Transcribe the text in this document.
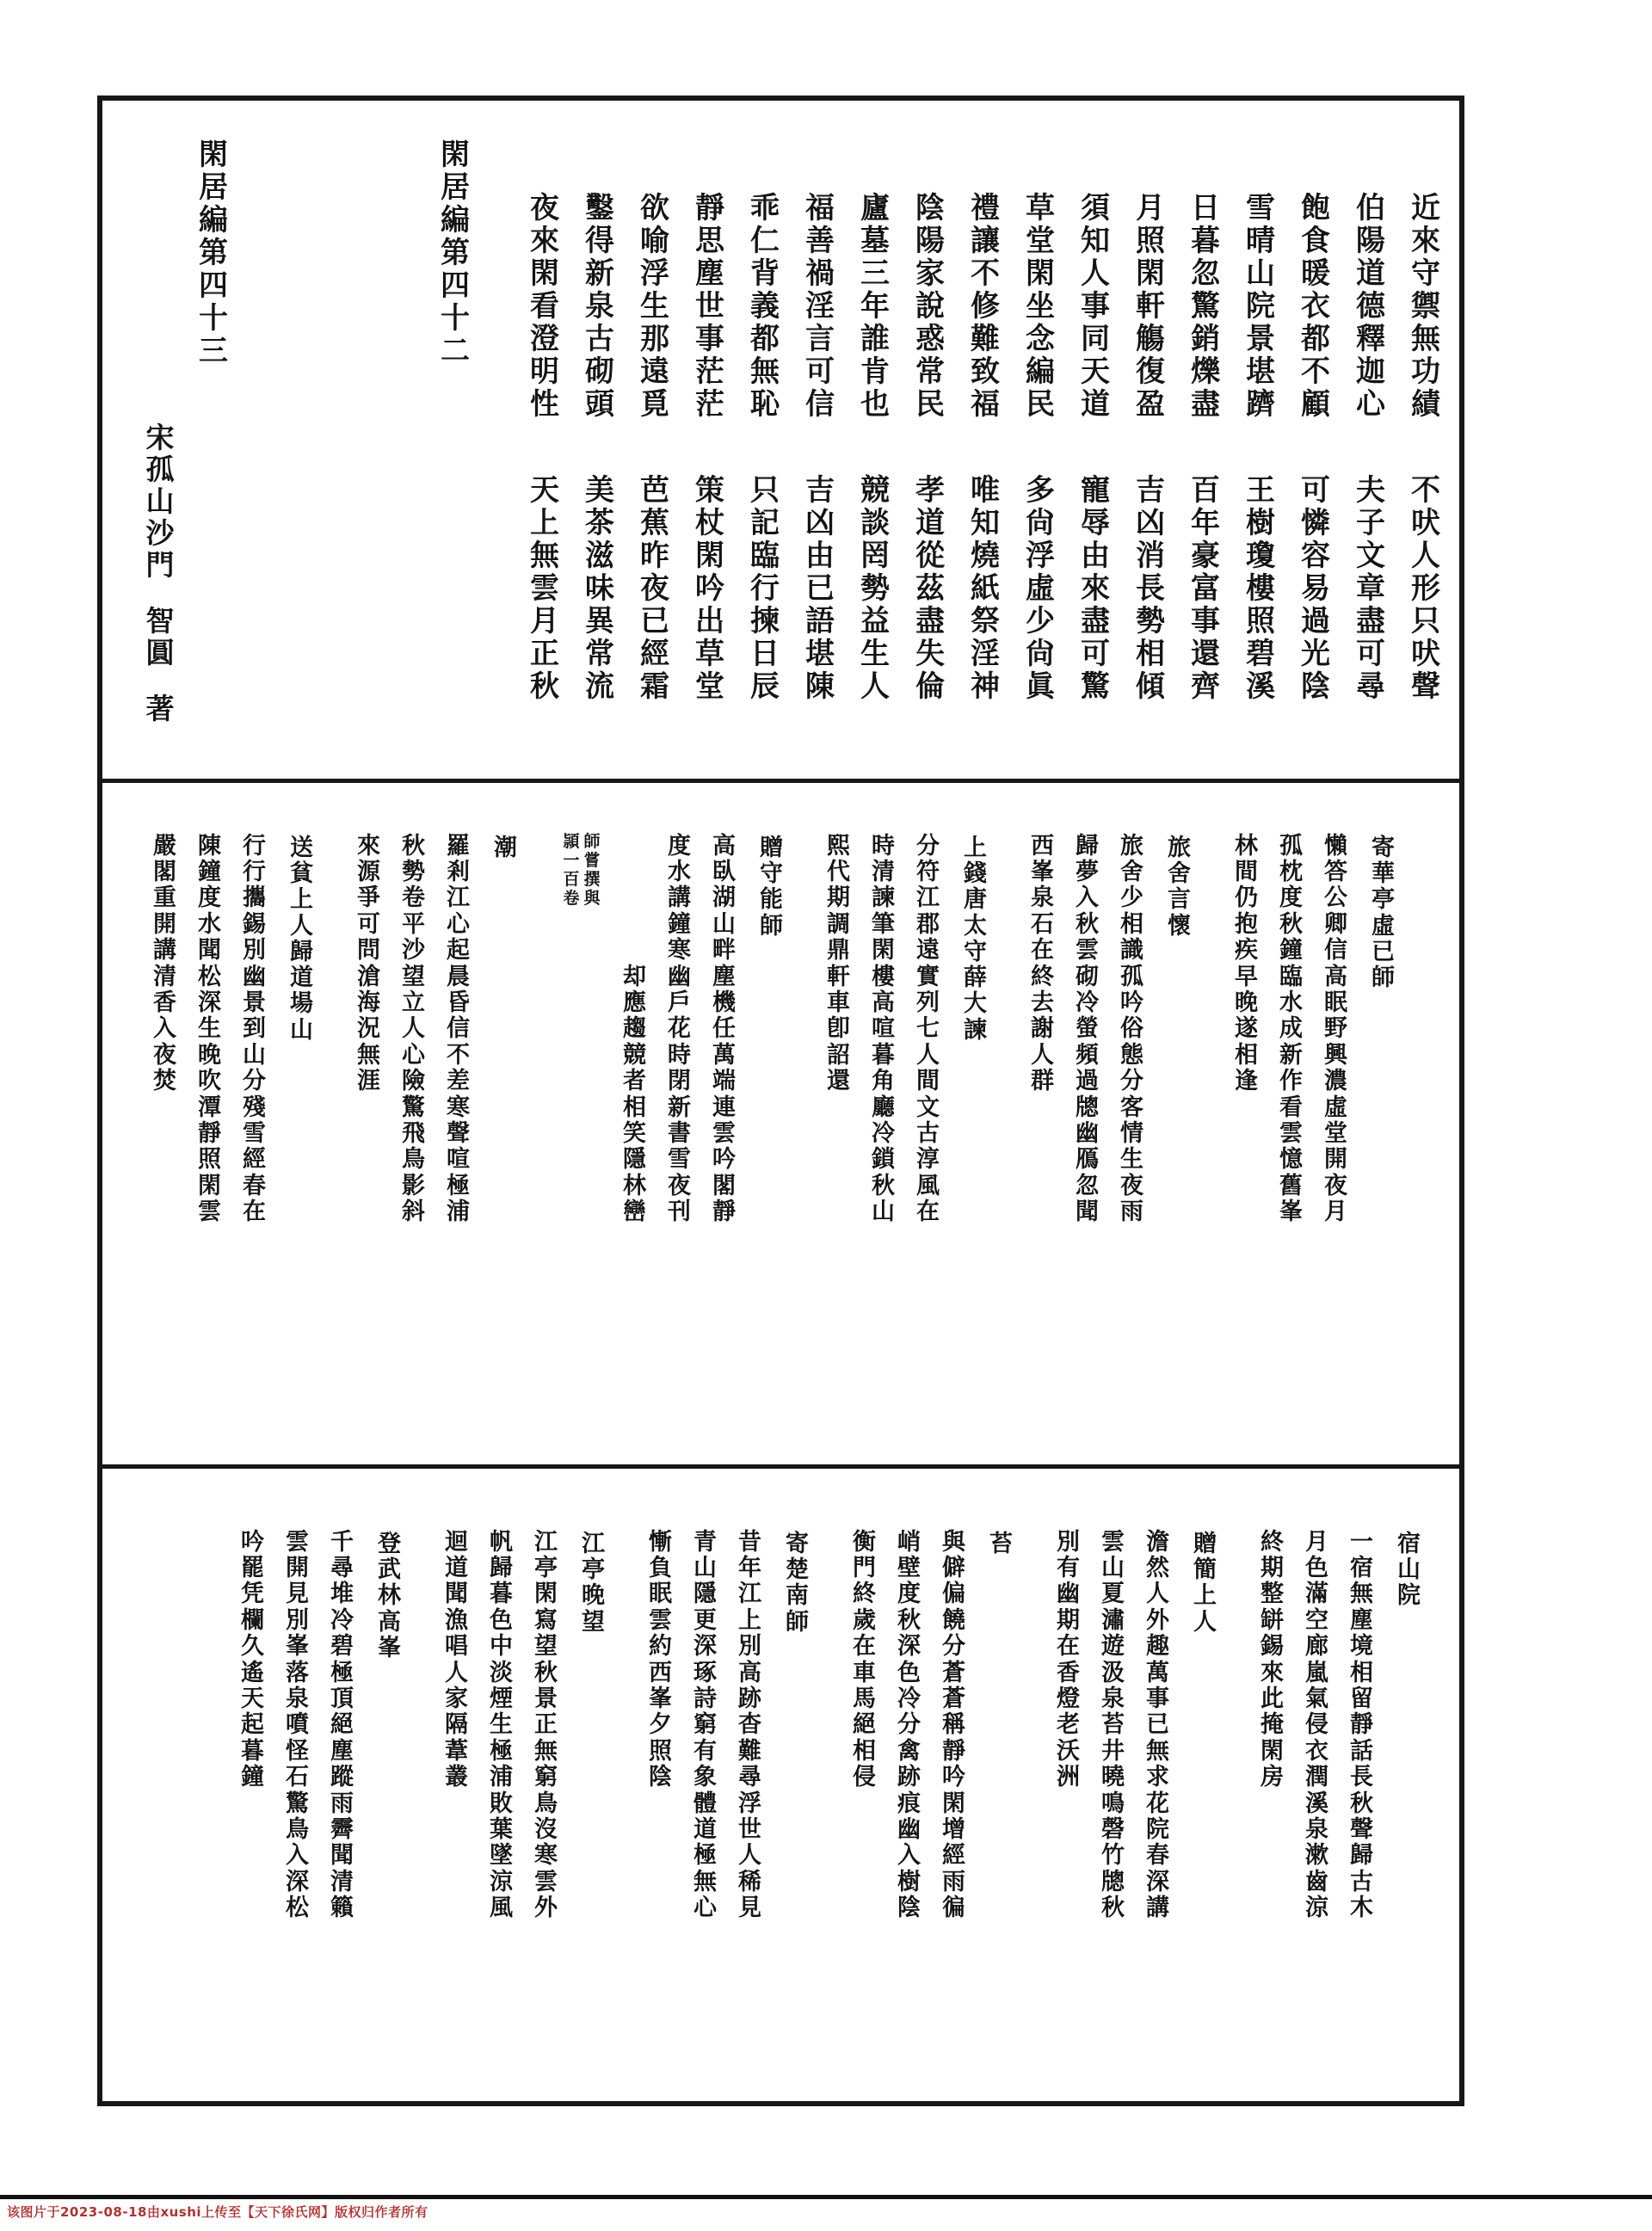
近
來
守
禦
無
功
績
不
吠
人
形
只
吠
聲
伯
陽
道
德
釋
迦
心
夫
子
文
章
盡
可
尋
飽
食
暖
衣
都
不
顧
可
憐
容
易
過
光
陰
雪
晴
山
院
景
堪
躋
王
樹
瓊
樓
照
碧
溪
日
暮
忽
驚
銷
爍
盡
百
年
豪
富
事
還
齊
月
照
閑
軒
觴
復
盈
吉
凶
消
長
勢
相
傾
須
知
人
事
同
天
道
寵
辱
由
來
盡
可
驚
草
堂
閑
坐
念
編
民
多
尙
浮
虛
少
尙
眞
禮
讓
不
修
難
致
福
唯
知
燒
紙
祭
淫
神
陰
陽
家
說
惑
常
民
孝
道
從
茲
盡
失
倫
廬
墓
三
年
誰
肯
也
競
談
罔
勢
益
生
人
福
善
禍
淫
言
可
信
吉
凶
由
已
語
堪
陳
乖
仁
背
義
都
無
恥
只
記
臨
行
揀
日
辰
靜
思
塵
世
事
茫
茫
策
杖
閑
吟
出
草
堂
欲
喻
浮
生
那
遠
覓
芭
蕉
昨
夜
已
經
霜
鑿
得
新
泉
古
砌
頭
美
茶
滋
味
異
常
流
夜
來
閑
看
澄
明
性
天
上
無
雲
月
正
秋
閑
居
編
第
四
十
二
閑
居
編
第
四
十
三
宋
孤
山
沙
門
智
圓
著
寄
華
亭
虛
已
師
懶
答
公
卿
信
高
眠
野
興
濃
虛
堂
開
夜
月
孤
枕
度
秋
鐘
臨
水
成
新
作
看
雲
憶
舊
峯
林
間
仍
抱
疾
早
晚
遂
相
逢
旅
舍
言
懷
旅
舍
少
相
識
孤
吟
俗
態
分
客
情
生
夜
雨
歸
夢
入
秋
雲
砌
冷
螢
頻
過
牕
幽
鴈
忽
聞
西
峯
泉
石
在
終
去
謝
人
群
上
錢
唐
太
守
薛
大
諫
分
符
江
郡
遠
實
列
七
人
間
文
古
淳
風
在
時
清
諫
筆
閑
樓
高
喧
暮
角
廳
冷
鎖
秋
山
熙
代
期
調
鼎
軒
車
卽
詔
還
贈
守
能
師
高
臥
湖
山
畔
塵
機
任
萬
端
連
雲
吟
閣
靜
度
水
講
鐘
寒
幽
戶
花
時
閉
新
書
雪
夜
刊
却
應
趨
競
者
相
笑
隱
林
巒
師
嘗
撰
與
頴
一
百
卷
潮
羅
剎
江
心
起
晨
昏
信
不
差
寒
聲
喧
極
浦
秋
勢
卷
平
沙
望
立
人
心
險
驚
飛
鳥
影
斜
來
源
爭
可
問
滄
海
況
無
涯
送
貧
上
人
歸
道
場
山
行
行
攜
錫
別
幽
景
到
山
分
殘
雪
經
春
在
陳
鐘
度
水
聞
松
深
生
晚
吹
潭
靜
照
閑
雲
嚴
閣
重
開
講
清
香
入
夜
焚
宿
山
院
一
宿
無
塵
境
相
留
靜
話
長
秋
聲
歸
古
木
月
色
滿
空
廊
嵐
氣
侵
衣
潤
溪
泉
漱
齒
涼
終
期
整
缾
錫
來
此
掩
閑
房
贈
簡
上
人
澹
然
人
外
趣
萬
事
已
無
求
花
院
春
深
講
雲
山
夏
潚
遊
汲
泉
苔
井
曉
鳴
磬
竹
牕
秋
別
有
幽
期
在
香
燈
老
沃
洲
苔
與
僻
偏
饒
分
蒼
蒼
稱
靜
吟
閑
增
經
雨
徧
峭
壁
度
秋
深
色
冷
分
禽
跡
痕
幽
入
樹
陰
衡
門
終
歲
在
車
馬
絕
相
侵
寄
楚
南
師
昔
年
江
上
別
高
跡
杳
難
尋
浮
世
人
稀
見
青
山
隱
更
深
琢
詩
窮
有
象
體
道
極
無
心
慚
負
眠
雲
約
西
峯
夕
照
陰
江
亭
晚
望
江
亭
閑
寫
望
秋
景
正
無
窮
鳥
沒
寒
雲
外
帆
歸
暮
色
中
淡
煙
生
極
浦
敗
葉
墜
涼
風
迴
道
聞
漁
唱
人
家
隔
葦
叢
登
武
林
高
峯
千
尋
堆
冷
碧
極
頂
絕
塵
蹤
雨
霽
聞
清
籟
雲
開
見
別
峯
落
泉
噴
怪
石
驚
鳥
入
深
松
吟
罷
凭
欄
久
遙
天
起
暮
鐘
该图片于2023-08-18由xushi上传至【天下徐氏网】版权归作者所有
